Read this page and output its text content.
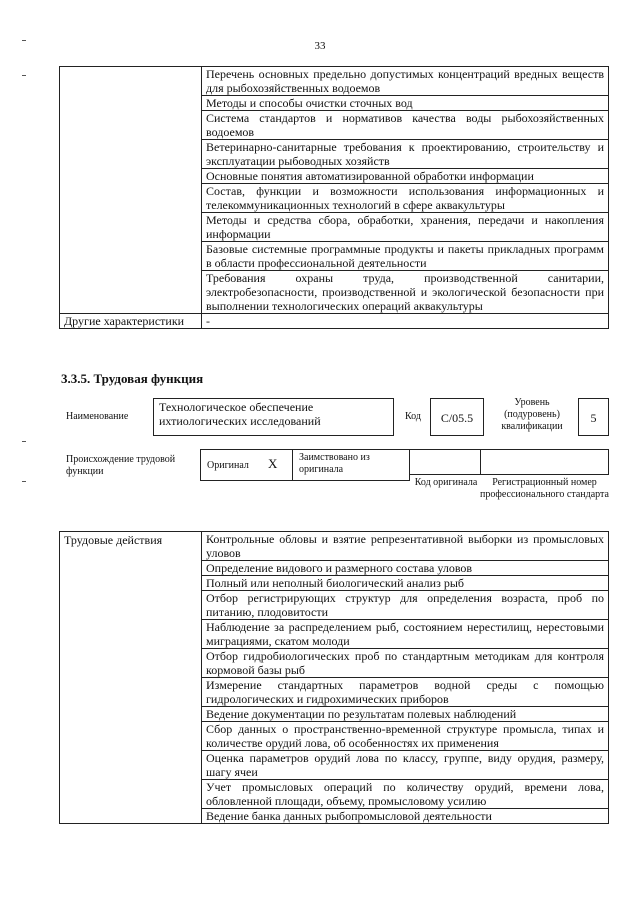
33
	Перечень основных предельно допустимых концентраций вредных веществ для рыбохозяйственных водоемов
	Методы и способы очистки сточных вод
	Система стандартов и нормативов качества воды рыбохозяйственных водоемов
	Ветеринарно-санитарные требования к проектированию, строительству и эксплуатации рыбоводных хозяйств
	Основные понятия автоматизированной обработки информации
	Состав, функции и возможности использования информационных и телекоммуникационных технологий в сфере аквакультуры
	Методы и средства сбора, обработки, хранения, передачи и накопления информации
	Базовые системные программные продукты и пакеты прикладных программ в области профессиональной деятельности
	Требования охраны труда, производственной санитарии, электробезопасности, производственной и экологической безопасности при выполнении технологических операций аквакультуры
Другие характеристики	-
3.3.5. Трудовая функция
Наименование
Технологическое обеспечение ихтиологических исследований	Код	C/05.5
Уровень (подуровень) квалификации
5
Происхождение трудовой функции
Оригинал X	Заимствовано из оригинала
Код оригинала	Регистрационный номер профессионального стандарта
Трудовые действия	Контрольные обловы и взятие репрезентативной выборки из промысловых уловов
Определение видового и размерного состава уловов
Полный или неполный биологический анализ рыб
Отбор регистрирующих структур для определения возраста, проб по питанию, плодовитости
Наблюдение за распределением рыб, состоянием нерестилищ, нерестовыми миграциями, скатом молоди
Отбор гидробиологических проб по стандартным методикам для контроля кормовой базы рыб
Измерение стандартных параметров водной среды с помощью гидрологических и гидрохимических приборов
Ведение документации по результатам полевых наблюдений
Сбор данных о пространственно-временной структуре промысла, типах и количестве орудий лова, об особенностях их применения
Оценка параметров орудий лова по классу, группе, виду орудия, размеру, шагу ячеи
Учет промысловых операций по количеству орудий, времени лова, обловленной площади, объему, промысловому усилию
Ведение банка данных рыбопромысловой деятельности
